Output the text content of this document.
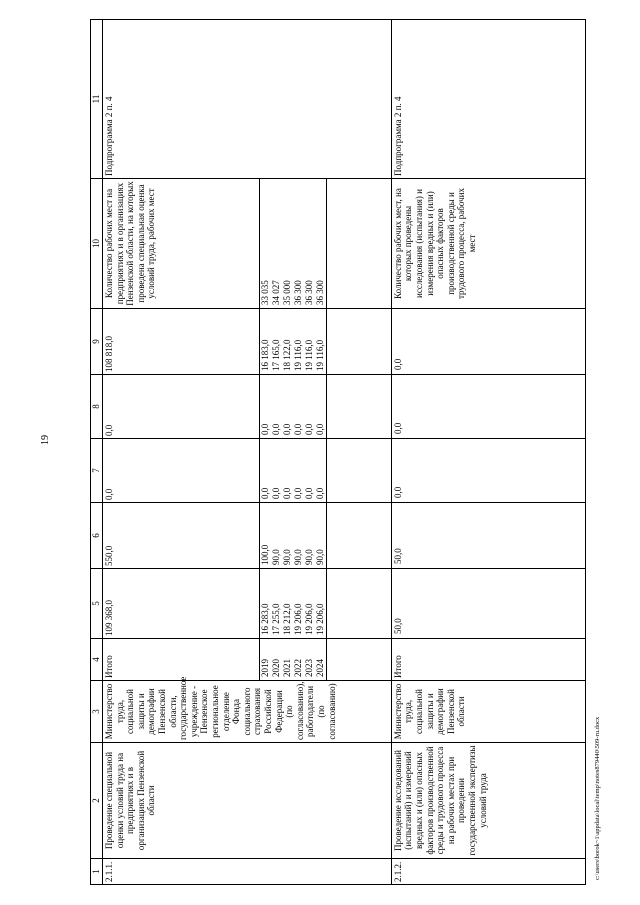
19
1	2	3	4	5	6	7	8	9	10	11
2.1.1.	Проведение специальной оценки условий труда на предприятиях и в организациях Пензенской области	Министерство труда, социальной защиты и демографии Пензенской области, государственное учреждение - Пензенское региональное отделение Фонда социального страхования Российской Федерации (по согласованию), работодатели (по согласованию)	Итого	109 368,0	550,0	0,0	0,0	108 818,0	Количество рабочих мест на предприятиях и в организациях Пензенской области, на которых проведена специальная оценка условий труда, рабочих мест	Подпрограмма 2 п. 4
			2019	16 283,0	100,0	0,0	0,0	16 183,0	33 035	
			2020	17 255,0	90,0	0,0	0,0	17 165,0	34 027	
			2021	18 212,0	90,0	0,0	0,0	18 122,0	35 000	
			2022	19 206,0	90,0	0,0	0,0	19 116,0	36 300	
			2023	19 206,0	90,0	0,0	0,0	19 116,0	36 300	
			2024	19 206,0	90,0	0,0	0,0	19 116,0	36 300	

2.1.2.	Проведение исследований (испытаний) и измерений вредных и (или) опасных факторов производственной среды и трудового процесса на рабочих местах при проведении государственной экспертизы условий труда	Министерство труда, социальной защиты и демографии Пензенской области	Итого	50,0	50,0	0,0	0,0	0,0	Количество рабочих мест, на которых проведены исследования (испытания) и измерения вредных и (или) опасных факторов производственной среды и трудового процесса, рабочих мест	Подпрограмма 2 п. 4
c:\users\borok~1\appdata\local\temp\notes879440\509-ru.docx
